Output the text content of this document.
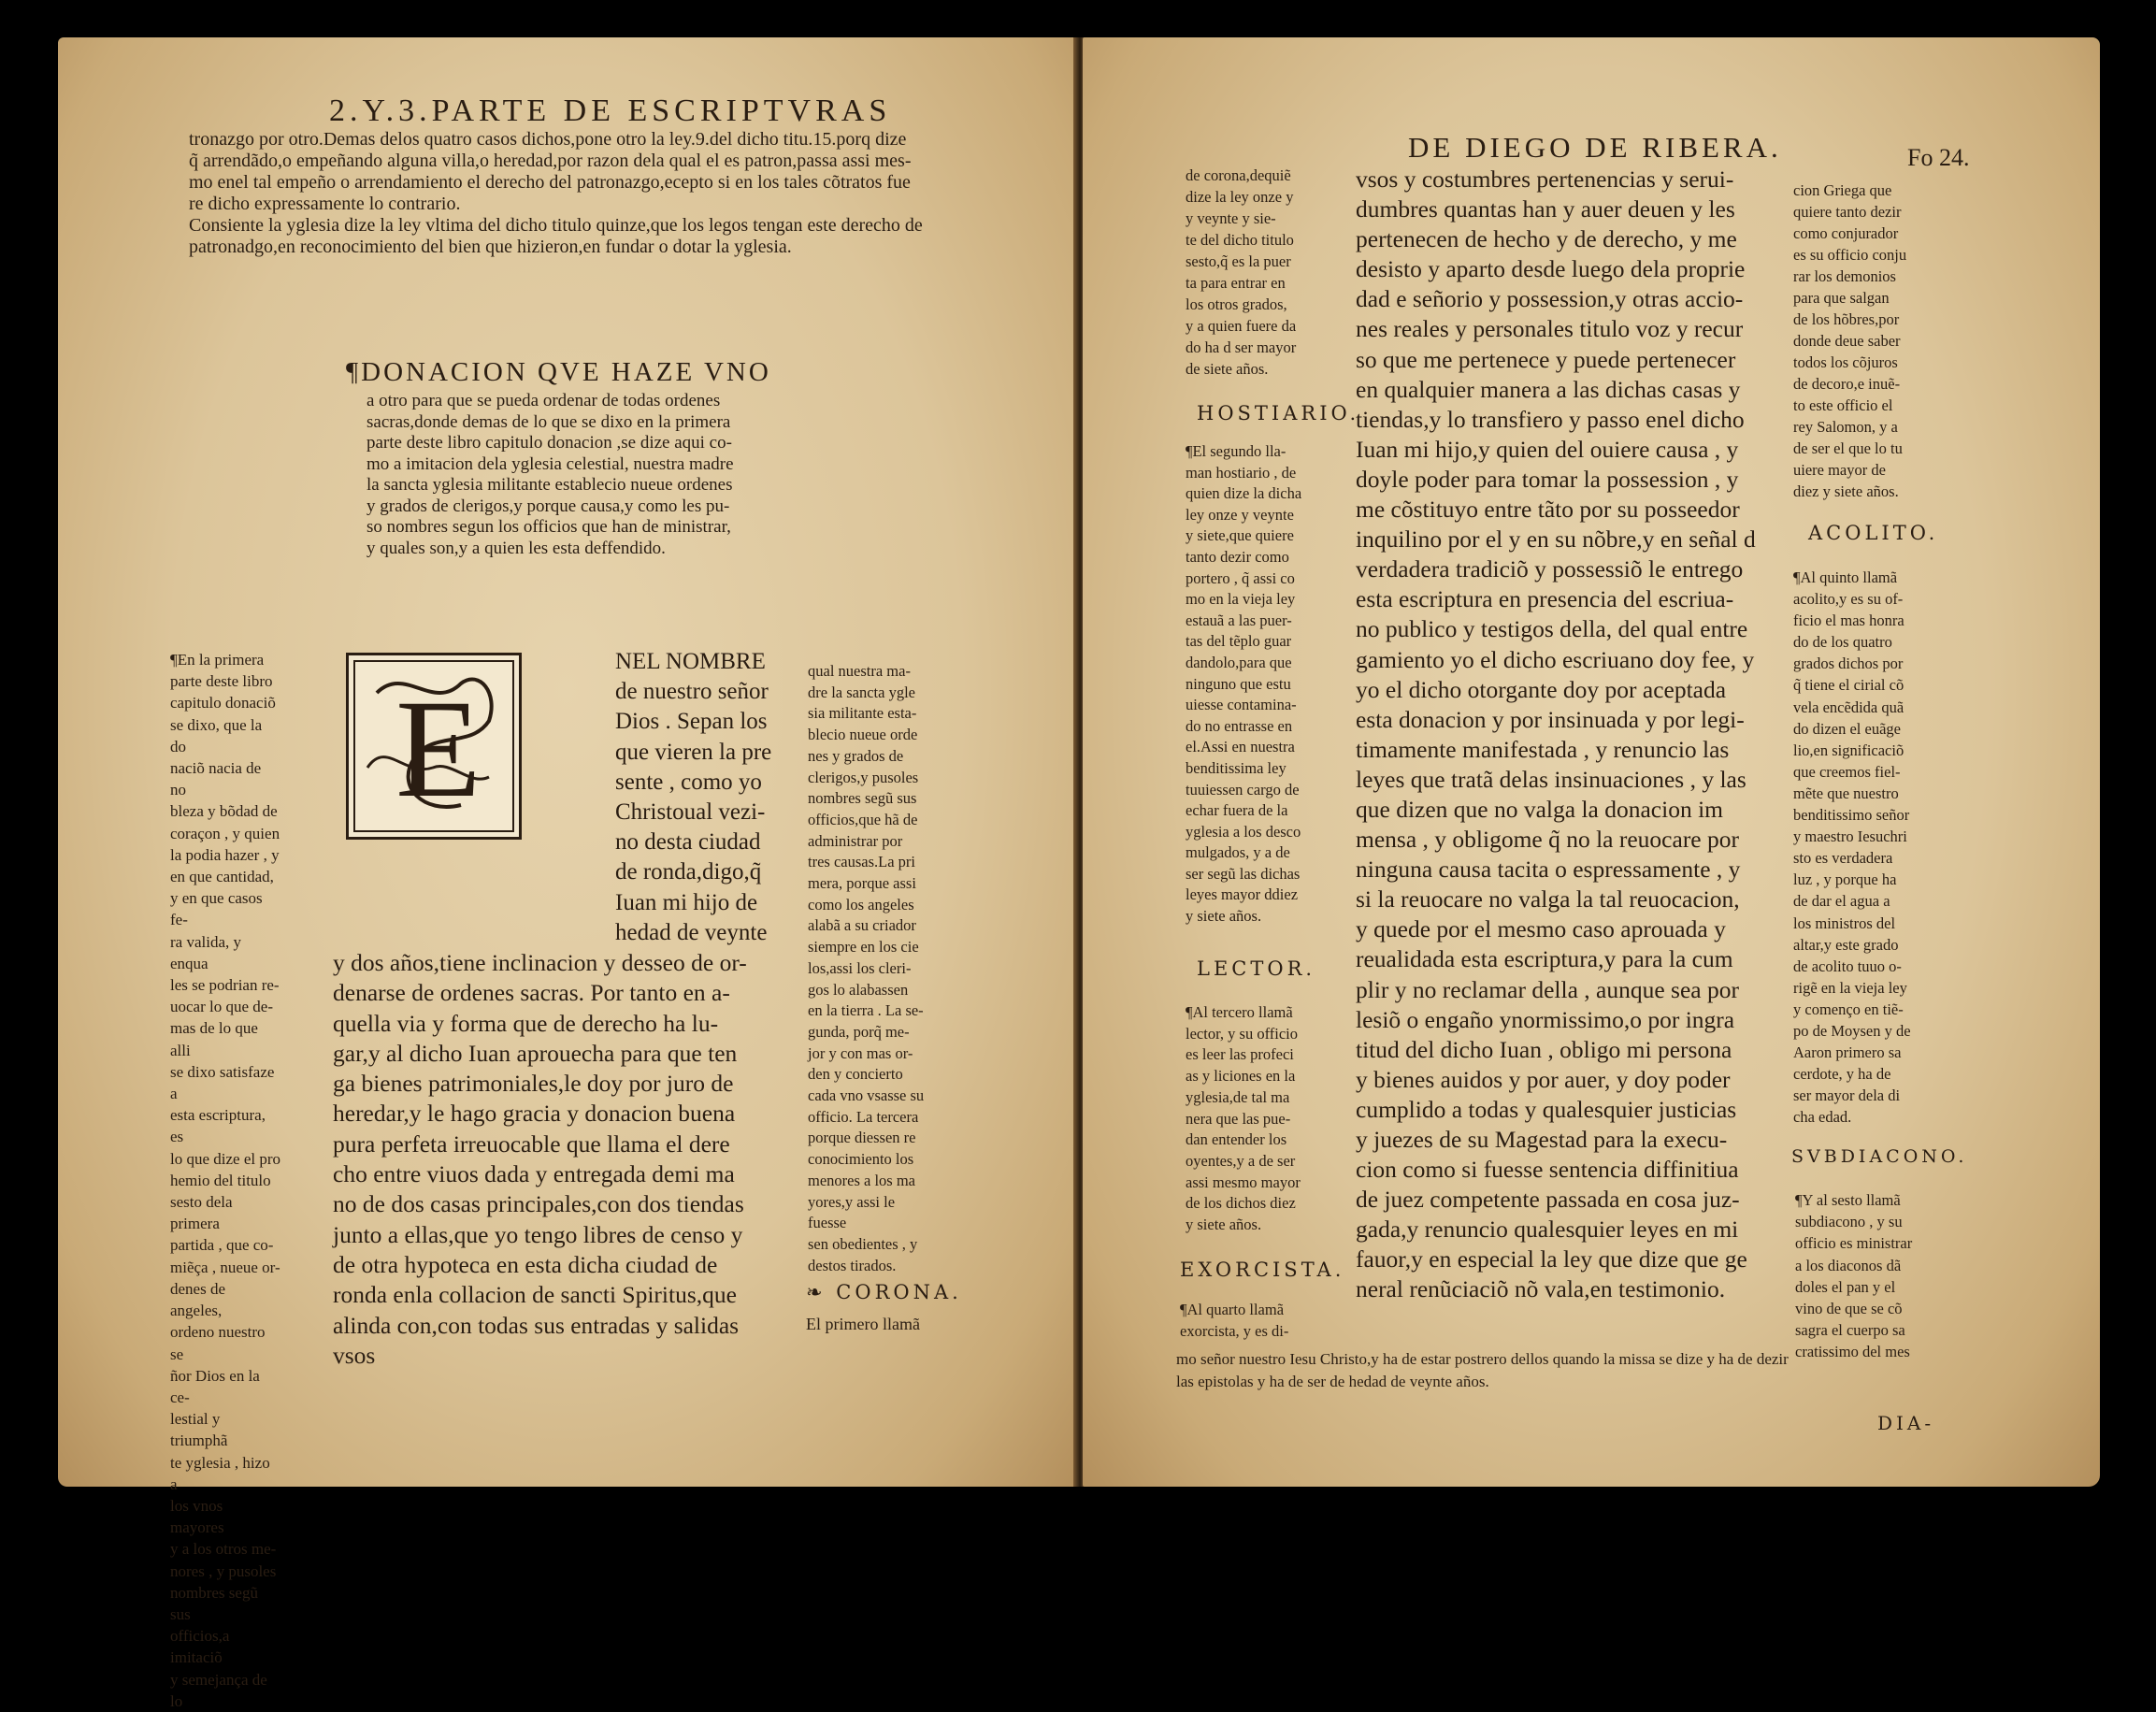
2.Y.3.PARTE DE ESCRIPTVRAS
tronazgo por otro.Demas delos quatro casos dichos,pone otro la ley.9.del dicho titu.15.porq dize
q̃ arrendãdo,o empeñando alguna villa,o heredad,por razon dela qual el es patron,passa assi mes-
mo enel tal empeño o arrendamiento el derecho del patronazgo,ecepto si en los tales cõtratos fue
re dicho expressamente lo contrario.
Consiente la yglesia dize la ley vltima del dicho titulo quinze,que los legos tengan este derecho de
patronadgo,en reconocimiento del bien que hizieron,en fundar o dotar la yglesia.
¶DONACION QVE HAZE VNO
a otro para que se pueda ordenar de todas ordenes
sacras,donde demas de lo que se dixo en la primera
parte deste libro capitulo donacion ,se dize aqui co-
mo a imitacion dela yglesia celestial, nuestra madre
la sancta yglesia militante establecio nueue ordenes
y grados de clerigos,y porque causa,y como les pu-
so nombres segun los officios que han de ministrar,
y quales son,y a quien les esta deffendido.
¶En la primera
parte deste libro
capitulo donaciõ
se dixo, que la do
naciõ nacia de no
bleza y bõdad de
coraçon , y quien
la podia hazer , y
en que cantidad,
y en que casos fe-
ra valida, y enqua
les se podrian re-
uocar lo que de-
mas de lo que alli
se dixo satisfaze a
esta escriptura, es
lo que dize el pro
hemio del titulo
sesto dela primera
partida , que co-
miẽça , nueue or-
denes de angeles,
ordeno nuestro se
ñor Dios en la ce-
lestial y triumphã
te yglesia , hizo a
los vnos mayores
y a los otros me-
nores , y pusoles
nombres segũ sus
officios,a imitaciõ
y semejança de lo
E
NEL NOMBRE
de nuestro señor
Dios . Sepan los
que vieren la pre
sente , como yo
Christoual vezi-
no desta ciudad
de ronda,digo,q̃
Iuan mi hijo de
hedad de veynte
y dos años,tiene inclinacion y desseo de or-
denarse de ordenes sacras. Por tanto en a-
quella via y forma que de derecho ha lu-
gar,y al dicho Iuan aprouecha para que ten
ga bienes patrimoniales,le doy por juro de
heredar,y le hago gracia y donacion buena
pura perfeta irreuocable que llama el dere
cho entre viuos dada y entregada demi ma
no de dos casas principales,con dos tiendas
junto a ellas,que yo tengo libres de censo y
de otra hypoteca en esta dicha ciudad de
ronda enla collacion de sancti Spiritus,que
alinda con,con todas sus entradas y salidas
vsos
qual nuestra ma-
dre la sancta ygle
sia militante esta-
blecio nueue orde
nes y grados de
clerigos,y pusoles
nombres segũ sus
officios,que hã de
administrar por
tres causas.La pri
mera, porque assi
como los angeles
alabã a su criador
siempre en los cie
los,assi los cleri-
gos lo alabassen
en la tierra . La se-
gunda, porq̃ me-
jor y con mas or-
den y concierto
cada vno vsasse su
officio. La tercera
porque diessen re
conocimiento los
menores a los ma
yores,y assi le fuesse
sen obedientes , y
destos tirados.
❧ CORONA.
El primero llamã
DE DIEGO DE RIBERA.	Fo 24.
de corona,dequiẽ
dize la ley onze y
y veynte y sie-
te del dicho titulo
sesto,q̃ es la puer
ta para entrar en
los otros grados,
y a quien fuere da
do ha d ser mayor
de siete años.
HOSTIARIO.
¶El segundo lla-
man hostiario , de
quien dize la dicha
ley onze y veynte
y siete,que quiere
tanto dezir como
portero , q̃ assi co
mo en la vieja ley
estauã a las puer-
tas del tẽplo guar
dandolo,para que
ninguno que estu
uiesse contamina-
do no entrasse en
el.Assi en nuestra
benditissima ley
tuuiessen cargo de
echar fuera de la
yglesia a los desco
mulgados, y a de
ser segũ las dichas
leyes mayor ddiez
y siete años.
LECTOR.
¶Al tercero llamã
lector, y su officio
es leer las profeci
as y liciones en la
yglesia,de tal ma
nera que las pue-
dan entender los
oyentes,y a de ser
assi mesmo mayor
de los dichos diez
y siete años.
EXORCISTA.
¶Al quarto llamã
exorcista, y es di-
vsos y costumbres pertenencias y serui-
dumbres quantas han y auer deuen y les
pertenecen de hecho y de derecho, y me
desisto y aparto desde luego dela proprie
dad e señorio y possession,y otras accio-
nes reales y personales titulo voz y recur
so que me pertenece y puede pertenecer
en qualquier manera a las dichas casas y
tiendas,y lo transfiero y passo enel dicho
Iuan mi hijo,y quien del ouiere causa , y
doyle poder para tomar la possession , y
me cõstituyo entre tãto por su posseedor
inquilino por el y en su nõbre,y en señal d
verdadera tradiciõ y possessiõ le entrego
esta escriptura en presencia del escriua-
no publico y testigos della, del qual entre
gamiento yo el dicho escriuano doy fee, y
yo el dicho otorgante doy por aceptada
esta donacion y por insinuada y por legi-
timamente manifestada , y renuncio las
leyes que tratã delas insinuaciones , y las
que dizen que no valga la donacion im
mensa , y obligome q̃ no la reuocare por
ninguna causa tacita o espressamente , y
si la reuocare no valga la tal reuocacion,
y quede por el mesmo caso aprouada y
reualidada esta escriptura,y para la cum
plir y no reclamar della , aunque sea por
lesiõ o engaño ynormissimo,o por ingra
titud del dicho Iuan , obligo mi persona
y bienes auidos y por auer, y doy poder
cumplido a todas y qualesquier justicias
y juezes de su Magestad para la execu-
cion como si fuesse sentencia diffinitiua
de juez competente passada en cosa juz-
gada,y renuncio qualesquier leyes en mi
fauor,y en especial la ley que dize que ge
neral renũciaciõ nõ vala,en testimonio.
cion Griega que
quiere tanto dezir
como conjurador
es su officio conju
rar los demonios
para que salgan
de los hõbres,por
donde deue saber
todos los cõjuros
de decoro,e inuẽ-
to este officio el
rey Salomon, y a
de ser el que lo tu
uiere mayor de
diez y siete años.
ACOLITO.
¶Al quinto llamã
acolito,y es su of-
ficio el mas honra
do de los quatro
grados dichos por
q̃ tiene el cirial cõ
vela encẽdida quã
do dizen el euãge
lio,en significaciõ
que creemos fiel-
mẽte que nuestro
benditissimo señor
y maestro Iesuchri
sto es verdadera
luz , y porque ha
de dar el agua a
los ministros del
altar,y este grado
de acolito tuuo o-
rigẽ en la vieja ley
y començo en tiẽ-
po de Moysen y de
Aaron primero sa
cerdote, y ha de
ser mayor dela di
cha edad.
SVBDIACONO.
¶Y al sesto llamã
subdiacono , y su
officio es ministrar
a los diaconos dã
doles el pan y el
vino de que se cõ
sagra el cuerpo sa
cratissimo del mes
mo señor nuestro Iesu Christo,y ha de estar postrero dellos quando la missa se dize y ha de dezir
las epistolas y ha de ser de hedad de veynte años.
DIA-
